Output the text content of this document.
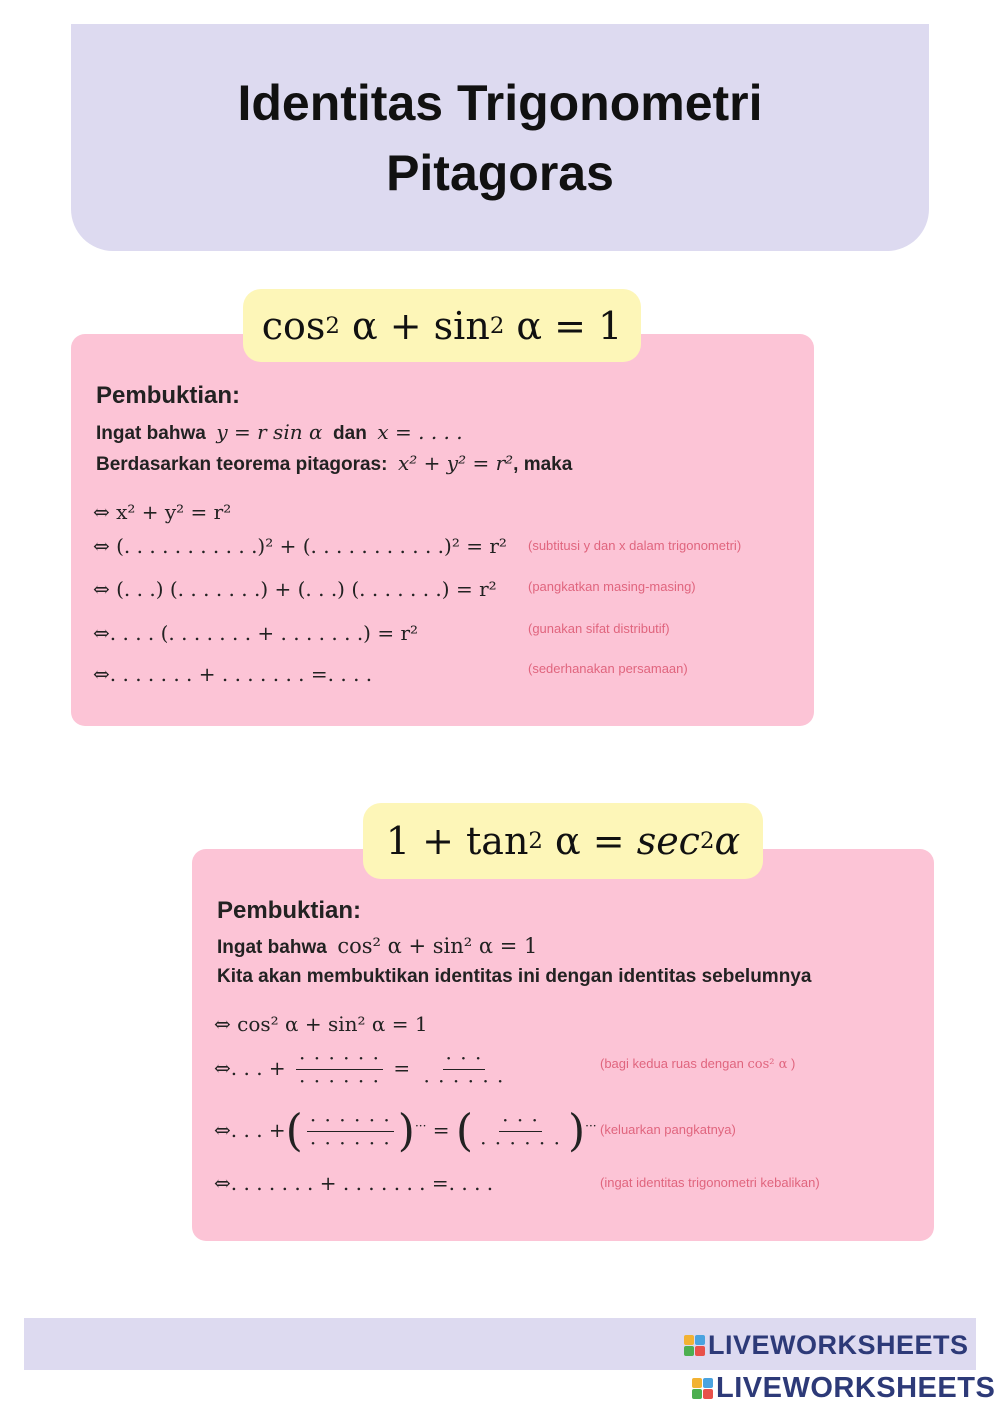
Identitas Trigonometri
Pitagoras
Pembuktian:
Ingat bahwa y = r sin α dan x = . . . .
Berdasarkan teorema pitagoras: x² + y² = r², maka
⇔ x² + y² = r²
⇔ (. . . . . . . . . . .)² + (. . . . . . . . . . .)² = r²
⇔ (. . .) (. . . . . . .) + (. . .) (. . . . . . .) = r²
⇔. . . . (. . . . . . . + . . . . . . .) = r²
⇔. . . . . . . + . . . . . . . =. . . .
(subtitusi y dan x dalam trigonometri)
(pangkatkan masing-masing)
(gunakan sifat distributif)
(sederhanakan persamaan)
cos 2 α + sin 2 α = 1
Pembuktian:
Ingat bahwa cos² α + sin² α = 1
Kita akan membuktikan identitas ini dengan identitas sebelumnya
⇔ cos² α + sin² α = 1
⇔. . . + $\frac{\cdot \cdot \cdot \cdot \cdot \cdot}{\cdot \cdot \cdot \cdot \cdot \cdot} = \frac{\cdot \cdot \cdot}{\cdot \cdot \cdot \cdot \cdot \cdot}$
⇔. . . +( $\frac{\cdot \cdot \cdot \cdot \cdot \cdot}{\cdot \cdot \cdot \cdot \cdot \cdot} )^{\cdot\cdot\cdot}$ = ( $\frac{\cdot \cdot \cdot}{\cdot \cdot \cdot \cdot \cdot \cdot} )^{\cdot\cdot\cdot}$
⇔. . . . . . . + . . . . . . . =. . . .
(bagi kedua ruas dengan cos² α )
(keluarkan pangkatnya)
(ingat identitas trigonometri kebalikan)
1 + tan 2 α = sec 2 α
LIVEWORKSHEETS
LIVEWORKSHEETS
